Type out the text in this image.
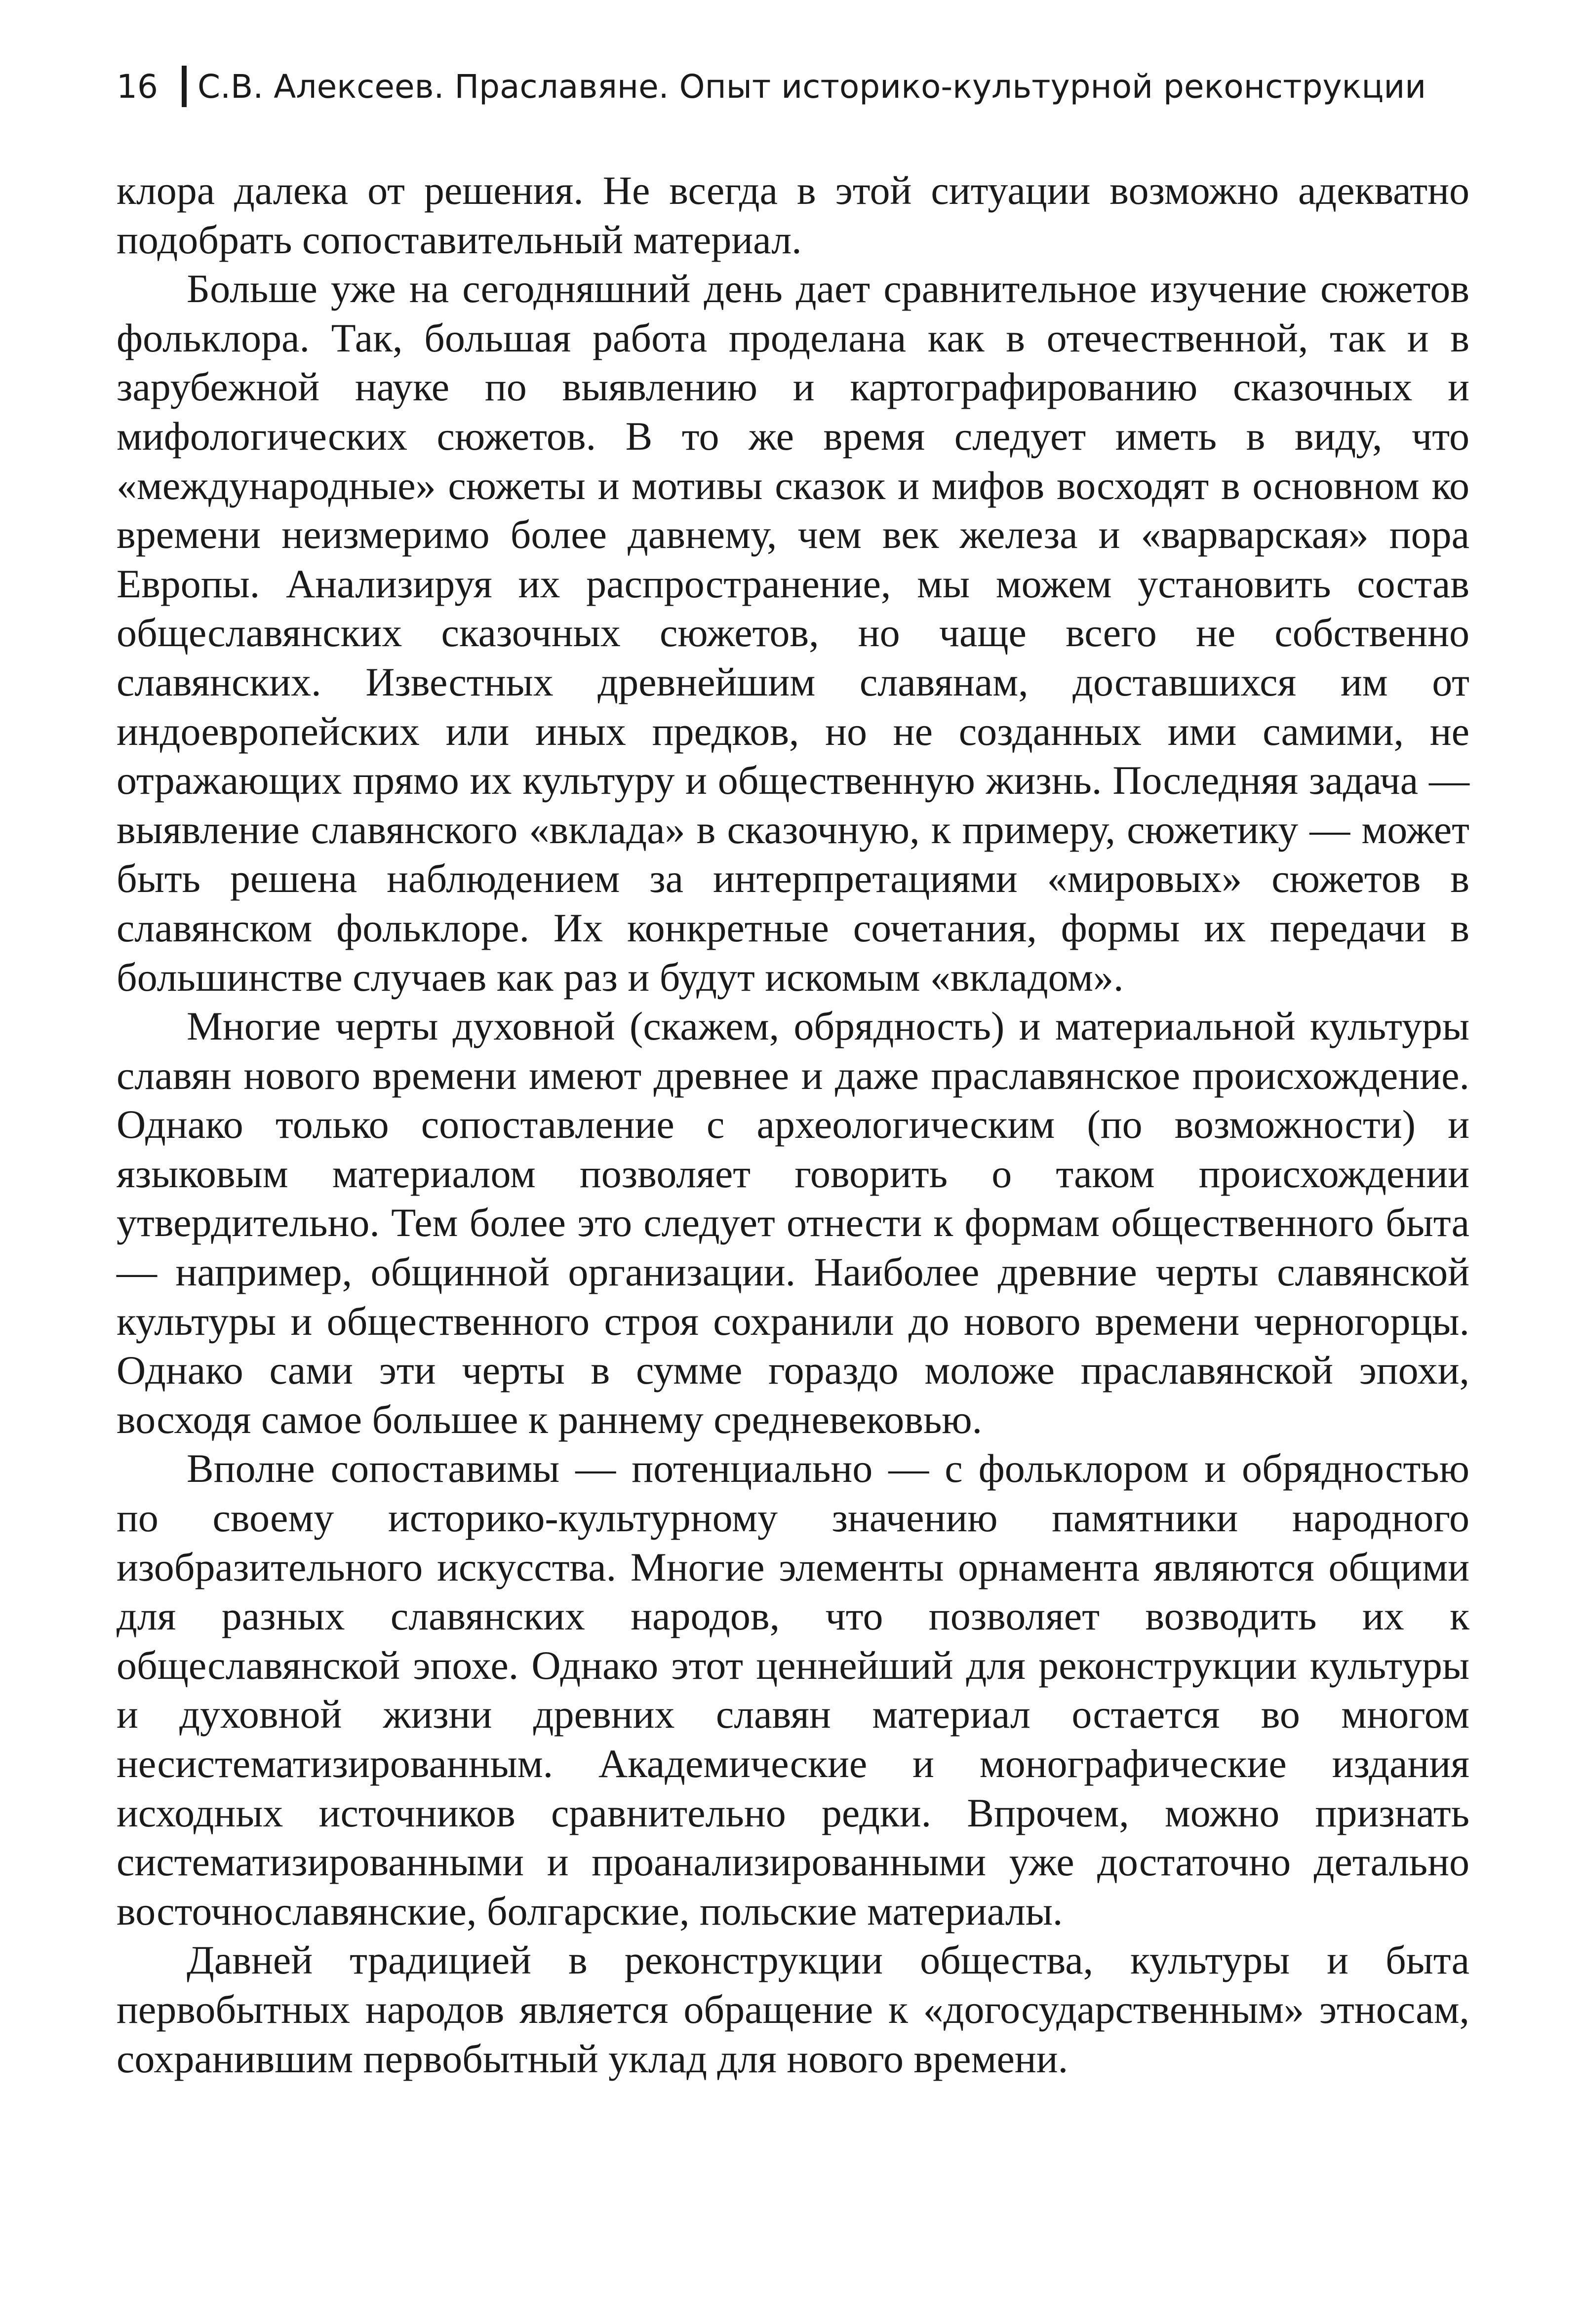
16 С.В. Алексеев. Праславяне. Опыт историко-культурной реконструкции

клора далека от решения. Не всегда в этой ситуации возможно адекватно подобрать сопоставительный материал.

Больше уже на сегодняшний день дает сравнительное изучение сюжетов фольклора. Так, большая работа проделана как в отечественной, так и в зарубежной науке по выявлению и картографированию сказочных и мифологических сюжетов. В то же время следует иметь в виду, что «международные» сюжеты и мотивы сказок и мифов восходят в основном ко времени неизмеримо более давнему, чем век железа и «варварская» пора Европы. Анализируя их распространение, мы можем установить состав общеславянских сказочных сюжетов, но чаще всего не собственно славянских. Известных древнейшим славянам, доставшихся им от индоевропейских или иных предков, но не созданных ими самими, не отражающих прямо их культуру и общественную жизнь. Последняя задача — выявление славянского «вклада» в сказочную, к примеру, сюжетику — может быть решена наблюдением за интерпретациями «мировых» сюжетов в славянском фольклоре. Их конкретные сочетания, формы их передачи в большинстве случаев как раз и будут искомым «вкладом».

Многие черты духовной (скажем, обрядность) и материальной культуры славян нового времени имеют древнее и даже праславянское происхождение. Однако только сопоставление с археологическим (по возможности) и языковым материалом позволяет говорить о таком происхождении утвердительно. Тем более это следует отнести к формам общественного быта — например, общинной организации. Наиболее древние черты славянской культуры и общественного строя сохранили до нового времени черногорцы. Однако сами эти черты в сумме гораздо моложе праславянской эпохи, восходя самое большее к раннему средневековью.

Вполне сопоставимы — потенциально — с фольклором и обрядностью по своему историко-культурному значению памятники народного изобразительного искусства. Многие элементы орнамента являются общими для разных славянских народов, что позволяет возводить их к общеславянской эпохе. Однако этот ценнейший для реконструкции культуры и духовной жизни древних славян материал остается во многом несистематизированным. Академические и монографические издания исходных источников сравнительно редки. Впрочем, можно признать систематизированными и проанализированными уже достаточно детально восточнославянские, болгарские, польские материалы.

Давней традицией в реконструкции общества, культуры и быта первобытных народов является обращение к «догосударственным» этносам, сохранившим первобытный уклад для нового времени.
